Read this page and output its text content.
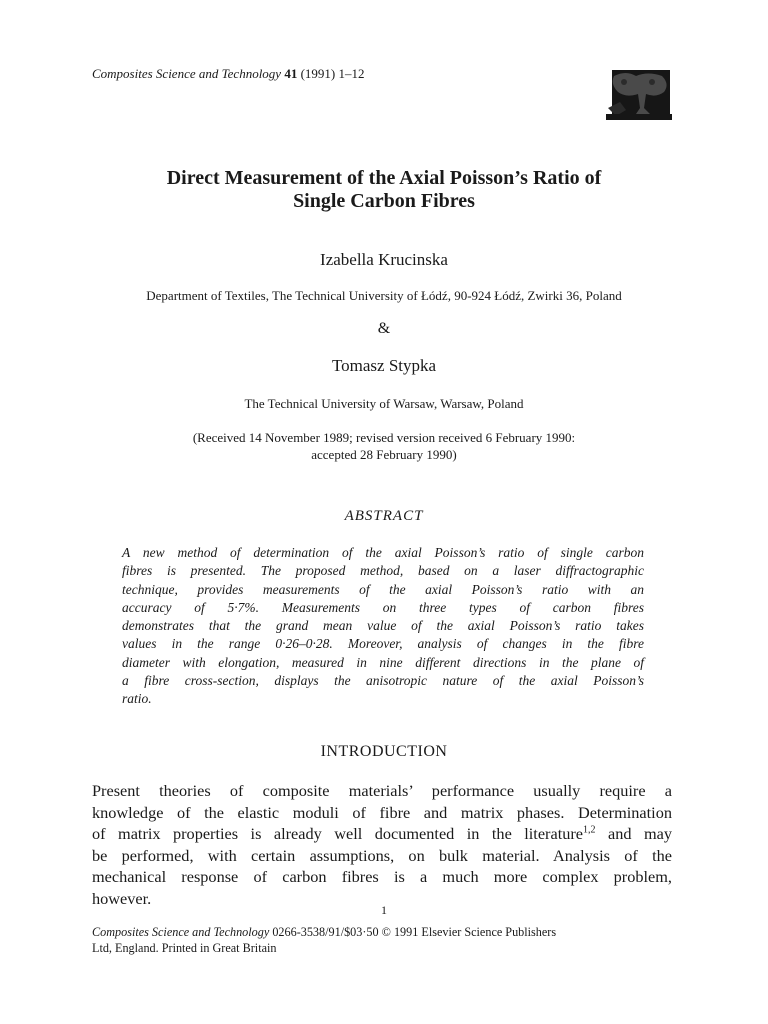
Composites Science and Technology 41 (1991) 1–12
Direct Measurement of the Axial Poisson’s Ratio of
Single Carbon Fibres
Izabella Krucinska
Department of Textiles, The Technical University of Łódź, 90-924 Łódź, Zwirki 36, Poland
&
Tomasz Stypka
The Technical University of Warsaw, Warsaw, Poland
(Received 14 November 1989; revised version received 6 February 1990:
accepted 28 February 1990)
ABSTRACT
A new method of determination of the axial Poisson’s ratio of single carbon
fibres is presented. The proposed method, based on a laser diffractographic
technique, provides measurements of the axial Poisson’s ratio with an
accuracy of 5·7%. Measurements on three types of carbon fibres
demonstrates that the grand mean value of the axial Poisson’s ratio takes
values in the range 0·26–0·28. Moreover, analysis of changes in the fibre
diameter with elongation, measured in nine different directions in the plane of
a fibre cross-section, displays the anisotropic nature of the axial Poisson’s
ratio.
INTRODUCTION
Present theories of composite materials’ performance usually require a
knowledge of the elastic moduli of fibre and matrix phases. Determination
of matrix properties is already well documented in the literature$^{1,2}$ and may
be performed, with certain assumptions, on bulk material. Analysis of the
mechanical response of carbon fibres is a much more complex problem,
however.
1
Composites Science and Technology 0266-3538/91/$03·50 © 1991 Elsevier Science Publishers
Ltd, England. Printed in Great Britain
